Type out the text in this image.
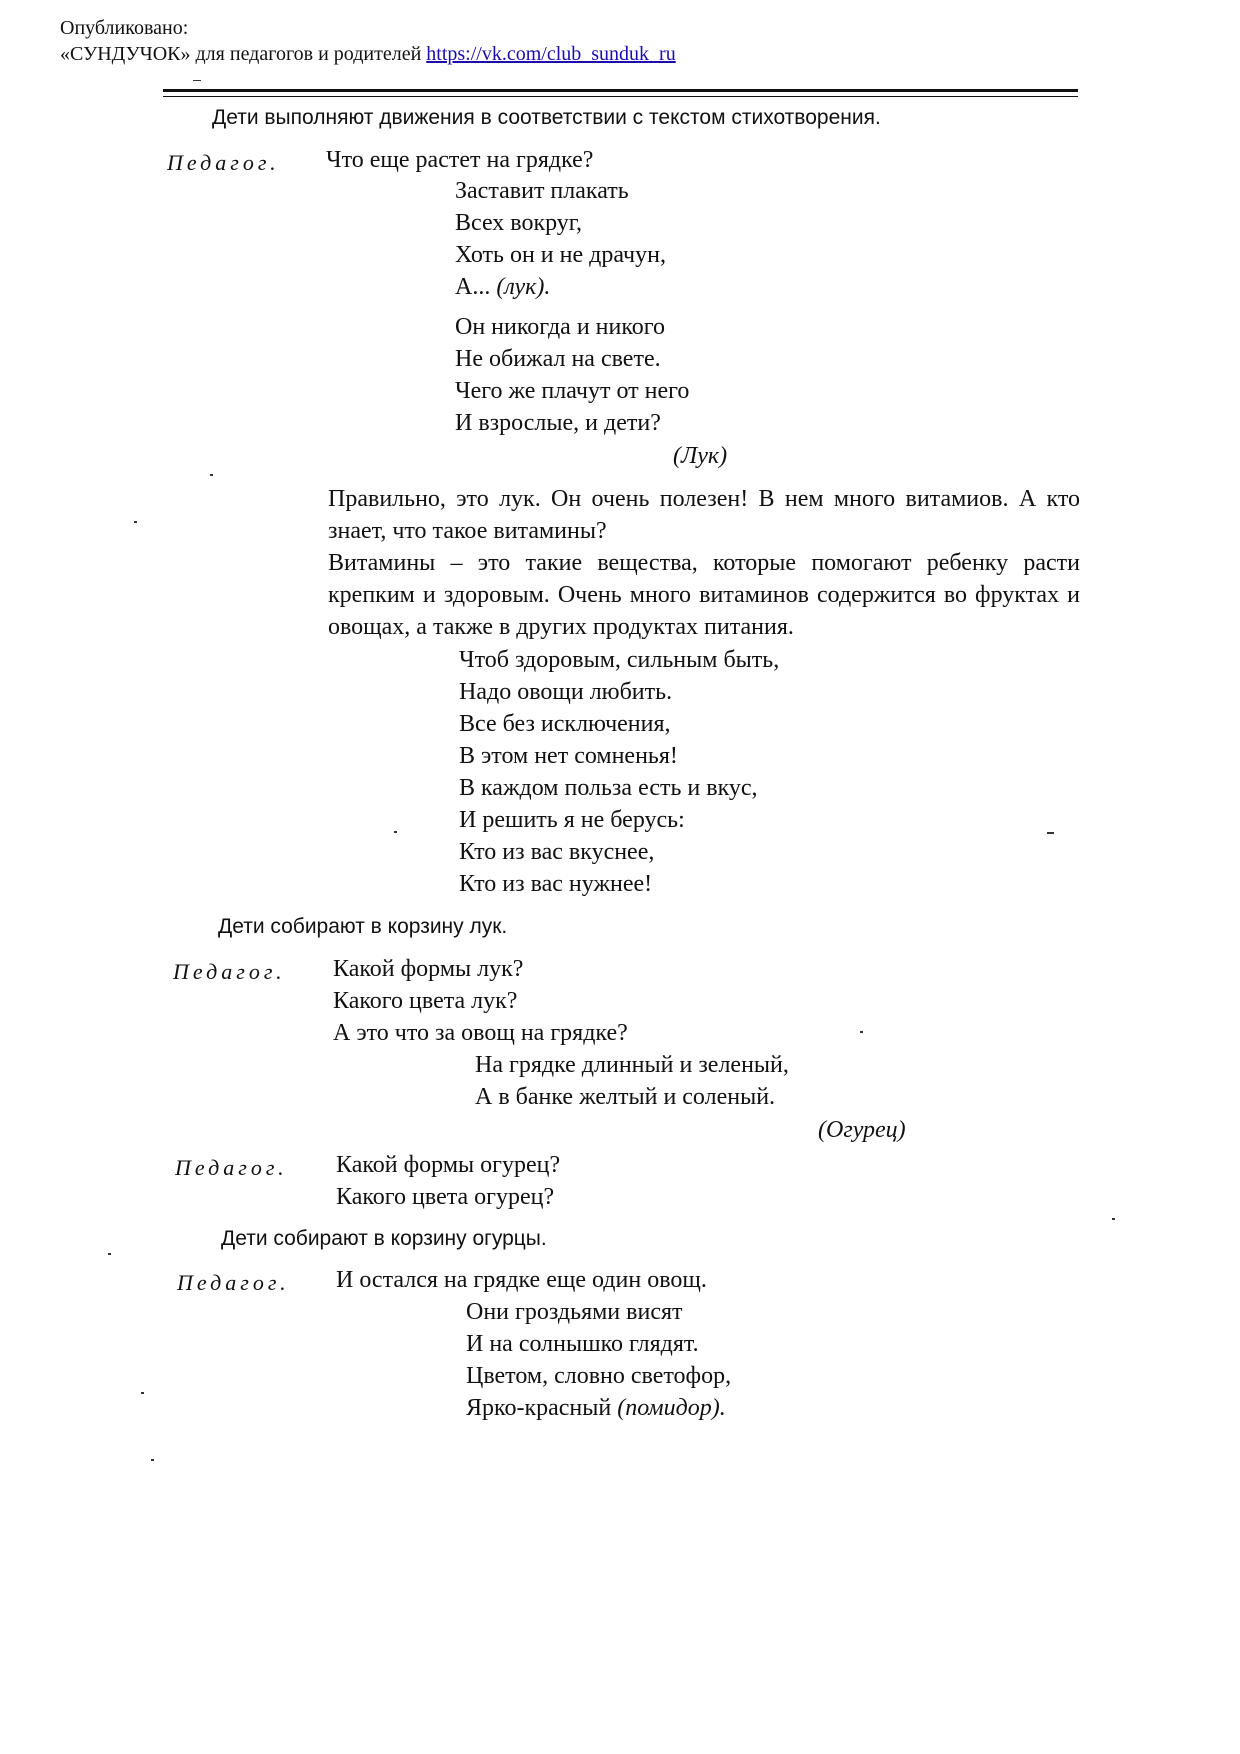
Опубликовано:
«СУНДУЧОК» для педагогов и родителей https://vk.com/club_sunduk_ru
Дети выполняют движения в соответствии с текстом стихотворения.
Педагог. Что еще растет на грядке?
Заставит плакать
Всех вокруг,
Хоть он и не драчун,
А... (лук).
Он никогда и никого
Не обижал на свете.
Чего же плачут от него
И взрослые, и дети?
(Лук)
Правильно, это лук. Он очень полезен! В нем много витамиов. А кто знает, что такое витамины?
Витамины – это такие вещества, которые помогают ребенку расти крепким и здоровым. Очень много витаминов содержится во фруктах и овощах, а также в других продуктах питания.
Чтоб здоровым, сильным быть,
Надо овощи любить.
Все без исключения,
В этом нет сомненья!
В каждом польза есть и вкус,
И решить я не берусь:
Кто из вас вкуснее,
Кто из вас нужнее!
Дети собирают в корзину лук.
Педагог. Какой формы лук?
Какого цвета лук?
А это что за овощ на грядке?
На грядке длинный и зеленый,
А в банке желтый и соленый.
(Огурец)
Педагог. Какой формы огурец?
Какого цвета огурец?
Дети собирают в корзину огурцы.
Педагог. И остался на грядке еще один овощ.
Они гроздьями висят
И на солнышко глядят.
Цветом, словно светофор,
Ярко-красный (помидор).
